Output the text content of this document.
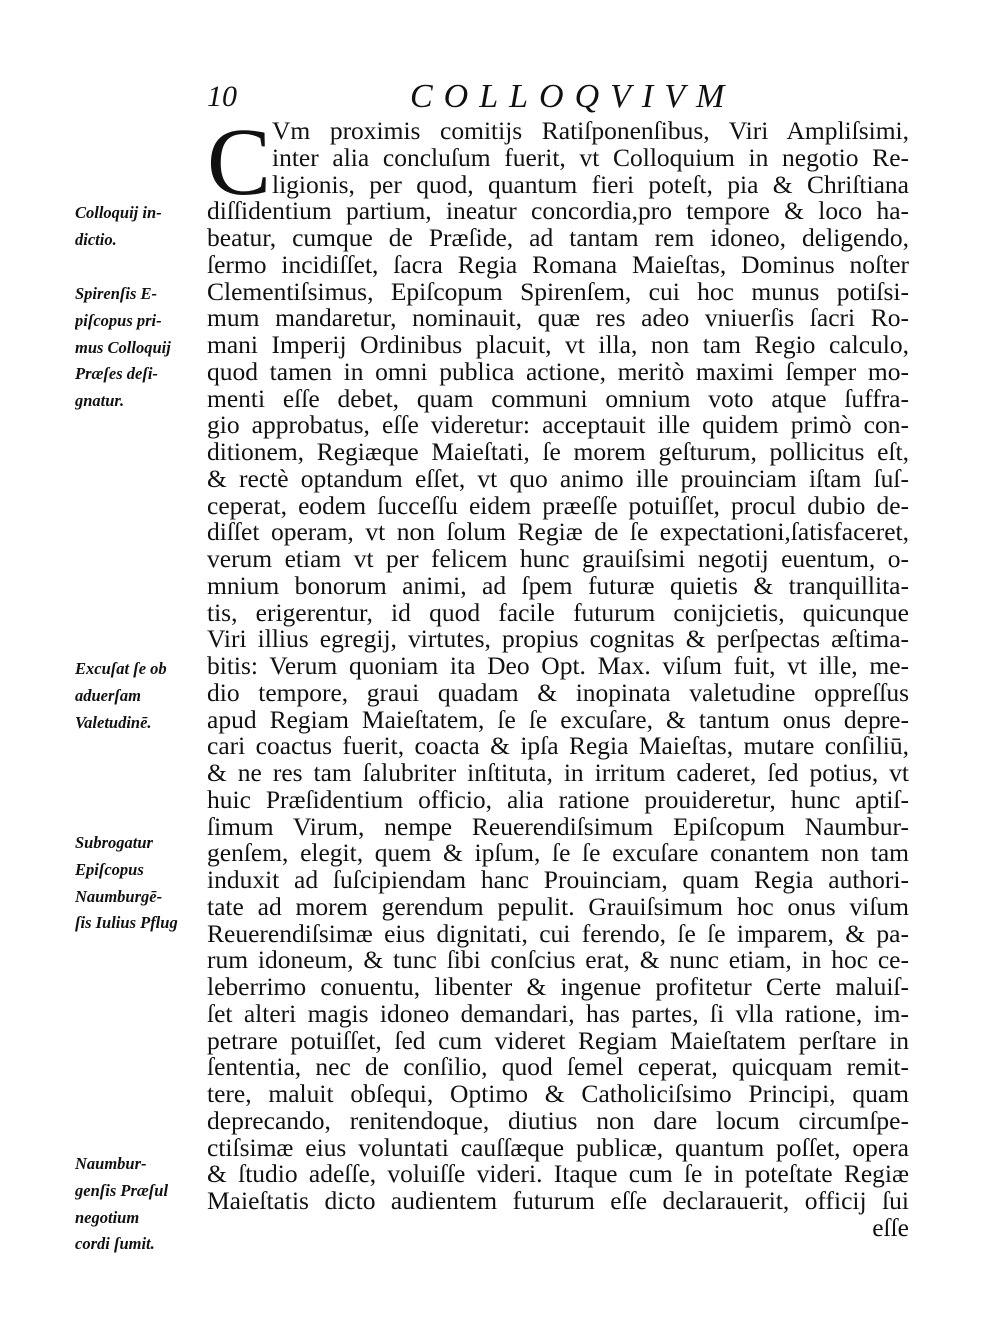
10	COLLOQVIVM
C Vm proximis comitijs Ratiſponenſibus, Viri Ampliſsimi,
inter alia concluſum fuerit, vt Colloquium in negotio Re-
ligionis, per quod, quantum fieri poteſt, pia & Chriſtiana
diſſidentium partium, ineatur concordia,pro tempore & loco ha-
beatur, cumque de Præſide, ad tantam rem idoneo, deligendo,
ſermo incidiſſet, ſacra Regia Romana Maieſtas, Dominus noſter
Clementiſsimus, Epiſcopum Spirenſem, cui hoc munus potiſsi-
mum mandaretur, nominauit, quæ res adeo vniuerſis ſacri Ro-
mani Imperij Ordinibus placuit, vt illa, non tam Regio calculo,
quod tamen in omni publica actione, meritò maximi ſemper mo-
menti eſſe debet, quam communi omnium voto atque ſuffra-
gio approbatus, eſſe videretur: acceptauit ille quidem primò con-
ditionem, Regiæque Maieſtati, ſe morem geſturum, pollicitus eſt,
& rectè optandum eſſet, vt quo animo ille prouinciam iſtam ſuſ-
ceperat, eodem ſucceſſu eidem præeſſe potuiſſet, procul dubio de-
diſſet operam, vt non ſolum Regiæ de ſe expectationi,ſatisfaceret,
verum etiam vt per felicem hunc grauiſsimi negotij euentum, o-
mnium bonorum animi, ad ſpem futuræ quietis & tranquillita-
tis, erigerentur, id quod facile futurum conijcietis, quicunque
Viri illius egregij, virtutes, propius cognitas & perſpectas æſtima-
bitis: Verum quoniam ita Deo Opt. Max. viſum fuit, vt ille, me-
dio tempore, graui quadam & inopinata valetudine oppreſſus
apud Regiam Maieſtatem, ſe ſe excuſare, & tantum onus depre-
cari coactus fuerit, coacta & ipſa Regia Maieſtas, mutare conſiliū,
& ne res tam ſalubriter inſtituta, in irritum caderet, ſed potius, vt
huic Præſidentium officio, alia ratione prouideretur, hunc aptiſ-
ſimum Virum, nempe Reuerendiſsimum Epiſcopum Naumbur-
genſem, elegit, quem & ipſum, ſe ſe excuſare conantem non tam
induxit ad ſuſcipiendam hanc Prouinciam, quam Regia authori-
tate ad morem gerendum pepulit. Grauiſsimum hoc onus viſum
Reuerendiſsimæ eius dignitati, cui ferendo, ſe ſe imparem, & pa-
rum idoneum, & tunc ſibi conſcius erat, & nunc etiam, in hoc ce-
leberrimo conuentu, libenter & ingenue profitetur Certe maluiſ-
ſet alteri magis idoneo demandari, has partes, ſi vlla ratione, im-
petrare potuiſſet, ſed cum videret Regiam Maieſtatem perſtare in
ſententia, nec de conſilio, quod ſemel ceperat, quicquam remit-
tere, maluit obſequi, Optimo & Catholiciſsimo Principi, quam
deprecando, renitendoque, diutius non dare locum circumſpe-
ctiſsimæ eius voluntati cauſſæque publicæ, quantum poſſet, opera
& ſtudio adeſſe, voluiſſe videri. Itaque cum ſe in poteſtate Regiæ
Maieſtatis dicto audientem futurum eſſe declarauerit, officij ſui
eſſe
Colloquij in-
dictio.
Spirenſis E-
piſcopus pri-
mus Colloquij
Præſes deſi-
gnatur.
Excuſat ſe ob
aduerſam
Valetudinē.
Subrogatur
Epiſcopus
Naumburgē-
ſis Iulius Pflug
Naumbur-
genſis Præſul
negotium
cordi ſumit.
